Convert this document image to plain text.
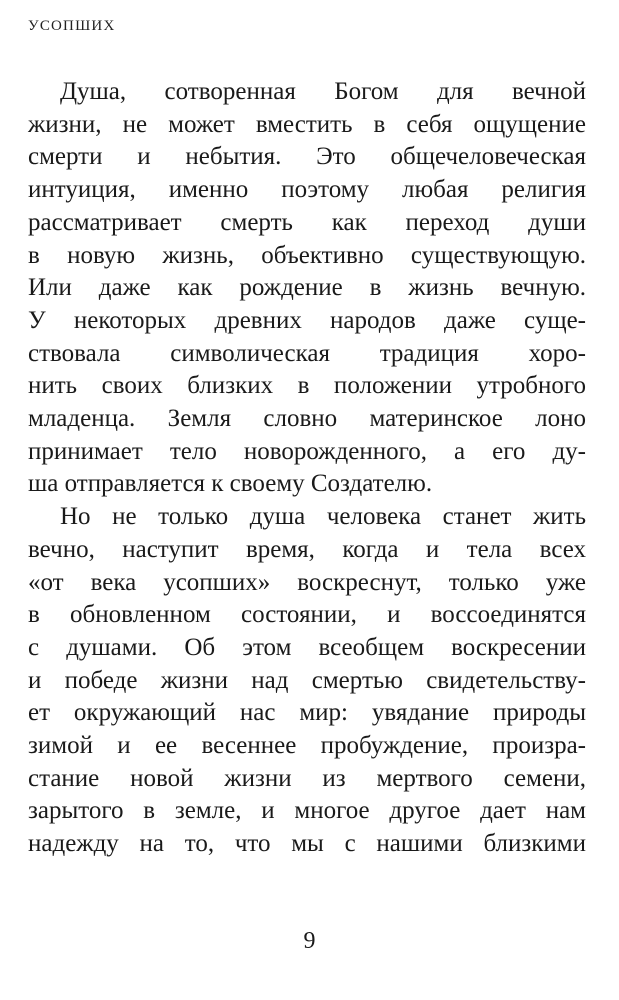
УСОПШИХ

Душа, сотворенная Богом для вечной
жизни, не может вместить в себя ощущение
смерти и небытия. Это общечеловеческая
интуиция, именно поэтому любая религия
рассматривает смерть как переход души
в новую жизнь, объективно существующую.
Или даже как рождение в жизнь вечную.
У некоторых древних народов даже суще-
ствовала символическая традиция хоро-
нить своих близких в положении утробного
младенца. Земля словно материнское лоно
принимает тело новорожденного, а его ду-
ша отправляется к своему Создателю.

Но не только душа человека станет жить
вечно, наступит время, когда и тела всех
«от века усопших» воскреснут, только уже
в обновленном состоянии, и воссоединятся
с душами. Об этом всеобщем воскресении
и победе жизни над смертью свидетельству-
ет окружающий нас мир: увядание природы
зимой и ее весеннее пробуждение, произра-
стание новой жизни из мертвого семени,
зарытого в земле, и многое другое дает нам
надежду на то, что мы с нашими близкими

9
